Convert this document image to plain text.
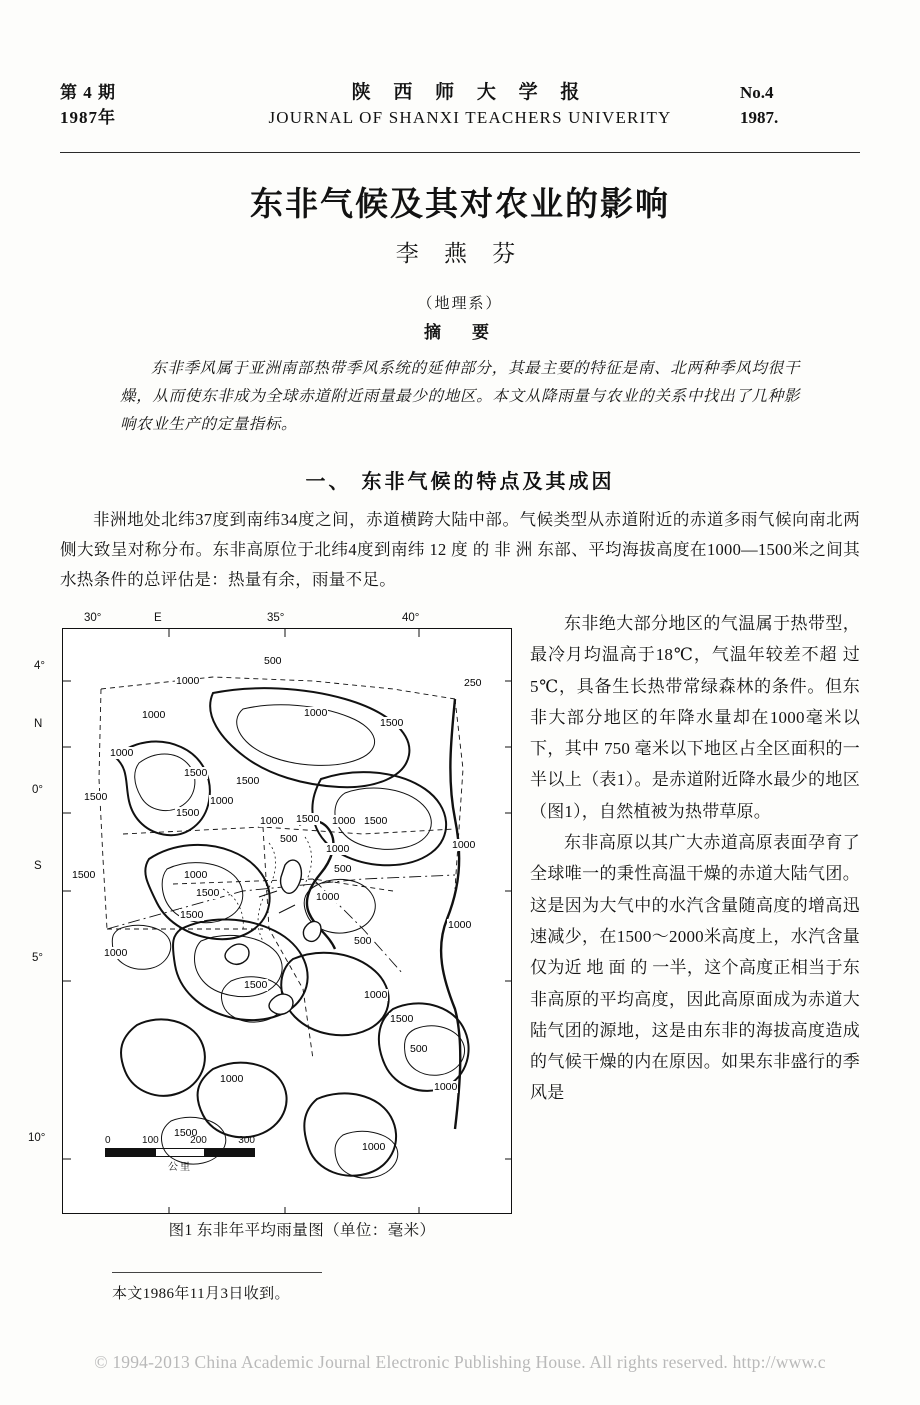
第 4 期
1987年
陕 西 师 大 学 报
JOURNAL OF SHANXI TEACHERS UNIVERITY
No.4
1987.
东非气候及其对农业的影响
李 燕 芬
（地理系）
摘　要

东非季风属于亚洲南部热带季风系统的延伸部分，其最主要的特征是南、北两种季风均很干燥，从而使东非成为全球赤道附近雨量最少的地区。本文从降雨量与农业的关系中找出了几种影响农业生产的定量指标。

一、 东非气候的特点及其成因

非洲地处北纬37度到南纬34度之间，赤道横跨大陆中部。气候类型从赤道附近的赤道多雨气候向南北两侧大致呈对称分布。东非高原位于北纬4度到南纬 12 度 的 非 洲 东部、平均海拔高度在1000—1500米之间其水热条件的总评估是：热量有余，雨量不足。

东非绝大部分地区的气温属于热带型，最冷月均温高于18℃，气温年较差不超 过5℃，具备生长热带常绿森林的条件。但东非大部分地区的年降水量却在1000毫米以下，其中 750 毫米以下地区占全区面积的一半以上（表1）。是赤道附近降水最少的地区（图1），自然植被为热带草原。

东非高原以其广大赤道高原表面孕育了全球唯一的秉性高温干燥的赤道大陆气团。这是因为大气中的水汽含量随高度的增高迅速减少，在1500～2000米高度上，水汽含量仅为近 地 面 的 一半，这个高度正相当于东非高原的平均高度，因此高原面成为赤道大陆气团的源地，这是由东非的海拔高度造成的气候干燥的内在原因。如果东非盛行的季风是

30°	E	35°	40°
4°
N
0°
S
5°
10°
500
1000	250
1000	1000
1500
1000
1500
1500
1500	1000
1500
1000 1500 1000 1500
500
1000	1000
500
1500	1000
1500	1000
1500
1000
500
1000
1500
1000
1500
500
1000
1000
1500
1000
0	100	200	300
公里
图1 东非年平均雨量图（单位：毫米）
本文1986年11月3日收到。
© 1994-2013 China Academic Journal Electronic Publishing House. All rights reserved. http://www.c
